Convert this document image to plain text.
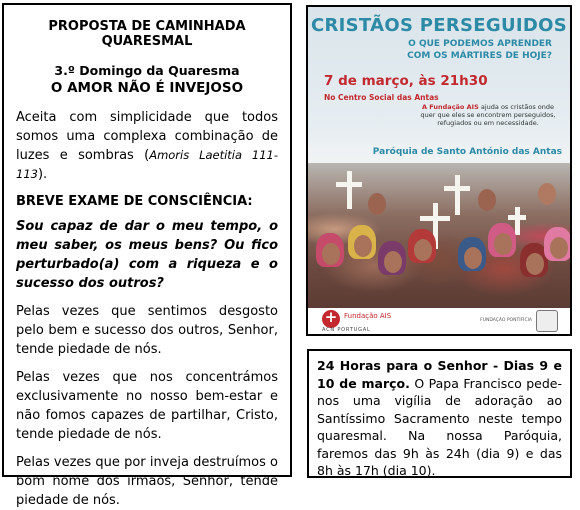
PROPOSTA DE CAMINHADA QUARESMAL
3.º Domingo da Quaresma
O AMOR NÃO É INVEJOSO
Aceita com simplicidade que todos somos uma complexa combinação de luzes e sombras (Amoris Laetitia 111-113).
BREVE EXAME DE CONSCIÊNCIA:
Sou capaz de dar o meu tempo, o meu saber, os meus bens? Ou fico perturbado(a) com a riqueza e o sucesso dos outros?
Pelas vezes que sentimos desgosto pelo bem e sucesso dos outros, Senhor, tende piedade de nós.
Pelas vezes que nos concentrámos exclusivamente no nosso bem-estar e não fomos capazes de partilhar, Cristo, tende piedade de nós.
Pelas vezes que por inveja destruímos o bom nome dos irmãos, Senhor, tende piedade de nós.
CRISTÃOS PERSEGUIDOS
O QUE PODEMOS APRENDER
COM OS MÁRTIRES DE HOJE?
7 de março, às 21h30
No Centro Social das Antas
A Fundação AIS ajuda os cristãos onde quer que eles se encontrem perseguidos, refugiados ou em necessidade.
Paróquia de Santo António das Antas
+
Fundação AIS
ACN PORTUGAL
FUNDAÇÃO PONTIFÍCIA
24 Horas para o Senhor - Dias 9 e 10 de março. O Papa Francisco pede-nos uma vigília de adoração ao Santíssimo Sacramento neste tempo quaresmal. Na nossa Paróquia, faremos das 9h às 24h (dia 9) e das 8h às 17h (dia 10).
